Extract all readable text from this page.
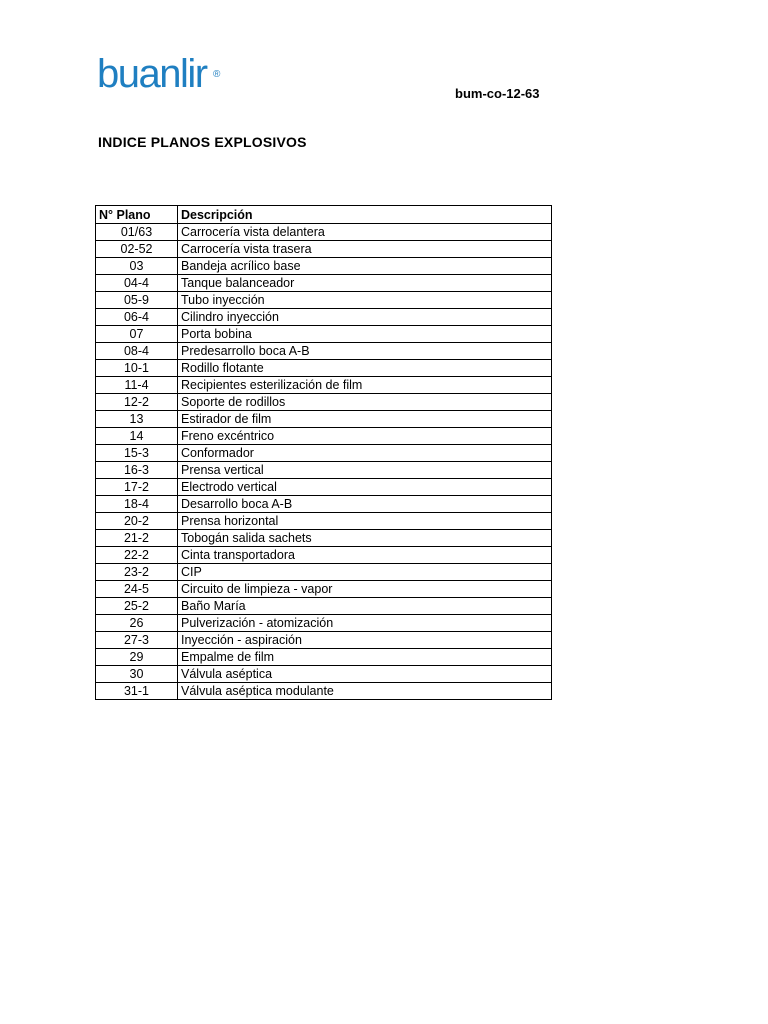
buanlir ®
bum-co-12-63
INDICE PLANOS EXPLOSIVOS
N° Plano	Descripción
01/63	Carrocería vista delantera
02-52	Carrocería vista trasera
03	Bandeja acrílico base
04-4	Tanque balanceador
05-9	Tubo inyección
06-4	Cilindro inyección
07	Porta bobina
08-4	Predesarrollo boca A-B
10-1	Rodillo flotante
11-4	Recipientes esterilización de film
12-2	Soporte de rodillos
13	Estirador de film
14	Freno excéntrico
15-3	Conformador
16-3	Prensa vertical
17-2	Electrodo vertical
18-4	Desarrollo boca A-B
20-2	Prensa horizontal
21-2	Tobogán salida sachets
22-2	Cinta transportadora
23-2	CIP
24-5	Circuito de limpieza - vapor
25-2	Baño María
26	Pulverización - atomización
27-3	Inyección - aspiración
29	Empalme de film
30	Válvula aséptica
31-1	Válvula aséptica modulante
